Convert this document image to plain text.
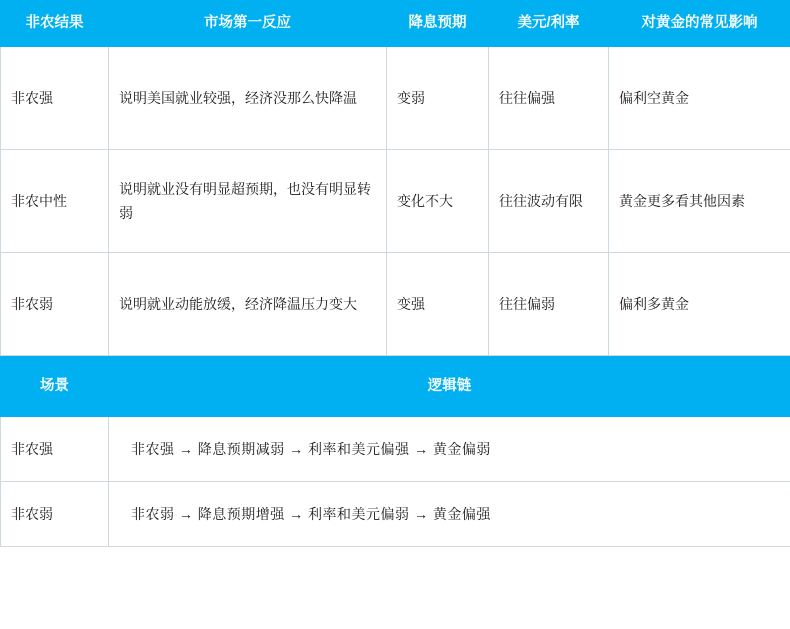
非农结果	市场第一反应	降息预期	美元/利率	对黄金的常见影响
非农强	说明美国就业较强，经济没那么快降温	变弱	往往偏强	偏利空黄金
非农中性	说明就业没有明显超预期，也没有明显转弱	变化不大	往往波动有限	黄金更多看其他因素
非农弱	说明就业动能放缓，经济降温压力变大	变强	往往偏弱	偏利多黄金
场景	逻辑链			
非农强	非农强 → 降息预期减弱 → 利率和美元偏强 → 黄金偏弱			
非农弱	非农弱 → 降息预期增强 → 利率和美元偏弱 → 黄金偏强			
